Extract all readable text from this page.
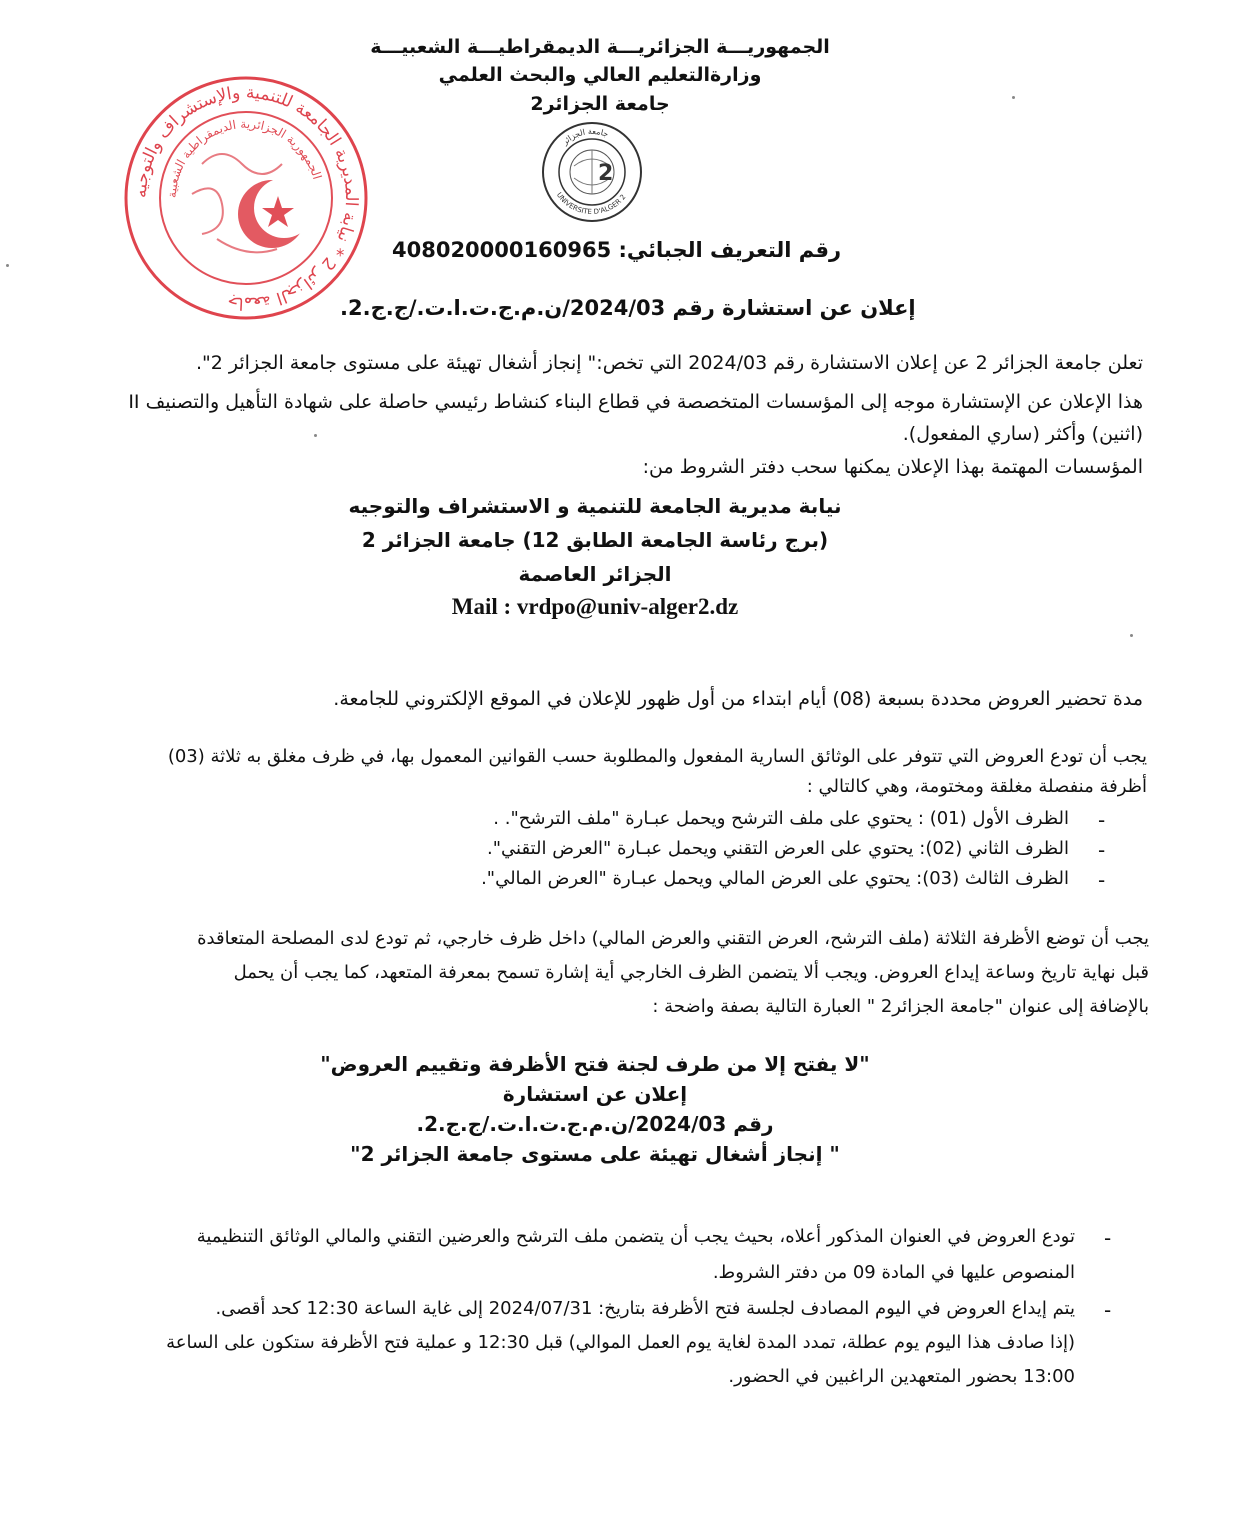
الجمهوريـــة الجزائريـــة الديمقراطيـــة الشعبيـــة
وزارةالتعليم العالي والبحث العلمي
جامعة الجزائر2
جامعة الجزائر 2 * نيابة المديرية الجامعة للتنمية والإستشراف والتوجيه
الجمهورية الجزائرية الديمقراطية الشعبية
جامعة الجزائر
UNIVERSITE D'ALGER 2
2
رقم التعريف الجبائي: 408020000160965
إعلان عن استشارة رقم 2024/03/ن.م.ج.ت.ا.ت./ج.ج.2.
تعلن جامعة الجزائر 2 عن إعلان الاستشارة رقم 2024/03 التي تخص:" إنجاز أشغال تهيئة على مستوى جامعة الجزائر 2".
هذا الإعلان عن الإستشارة موجه إلى المؤسسات المتخصصة في قطاع البناء كنشاط رئيسي حاصلة على شهادة التأهيل والتصنيف II
(اثنين) وأكثر (ساري المفعول).
المؤسسات المهتمة بهذا الإعلان يمكنها سحب دفتر الشروط من:
نيابة مديرية الجامعة للتنمية و الاستشراف والتوجيه
(برج رئاسة الجامعة الطابق 12) جامعة الجزائر 2
الجزائر العاصمة
Mail : vrdpo@univ-alger2.dz
مدة تحضير العروض محددة بسبعة (08) أيام ابتداء من أول ظهور للإعلان في الموقع الإلكتروني للجامعة.
يجب أن تودع العروض التي تتوفر على الوثائق السارية المفعول والمطلوبة حسب القوانين المعمول بها، في ظرف مغلق به ثلاثة (03)
أظرفة منفصلة مغلقة ومختومة، وهي كالتالي :
-
الظرف الأول (01) : يحتوي على ملف الترشح ويحمل عبـارة "ملف الترشح". .
-
الظرف الثاني (02): يحتوي على العرض التقني ويحمل عبـارة "العرض التقني".
-
الظرف الثالث (03): يحتوي على العرض المالي ويحمل عبـارة "العرض المالي".
يجب أن توضع الأظرفة الثلاثة (ملف الترشح، العرض التقني والعرض المالي) داخل ظرف خارجي، ثم تودع لدى المصلحة المتعاقدة
قبل نهاية تاريخ وساعة إيداع العروض. ويجب ألا يتضمن الظرف الخارجي أية إشارة تسمح بمعرفة المتعهد، كما يجب أن يحمل
بالإضافة إلى عنوان "جامعة الجزائر2 " العبارة التالية بصفة واضحة :
"لا يفتح إلا من طرف لجنة فتح الأظرفة وتقييم العروض"
إعلان عن استشارة
رقم 2024/03/ن.م.ج.ت.ا.ت./ج.ج.2.
" إنجاز أشغال تهيئة على مستوى جامعة الجزائر 2"
-
تودع العروض في العنوان المذكور أعلاه، بحيث يجب أن يتضمن ملف الترشح والعرضين التقني والمالي الوثائق التنظيمية
المنصوص عليها في المادة 09 من دفتر الشروط.
-
يتم إيداع العروض في اليوم المصادف لجلسة فتح الأظرفة بتاريخ: 2024/07/31 إلى غاية الساعة 12:30 كحد أقصى.
(إذا صادف هذا اليوم يوم عطلة، تمدد المدة لغاية يوم العمل الموالي) قبل 12:30 و عملية فتح الأظرفة ستكون على الساعة
13:00 بحضور المتعهدين الراغبين في الحضور.
